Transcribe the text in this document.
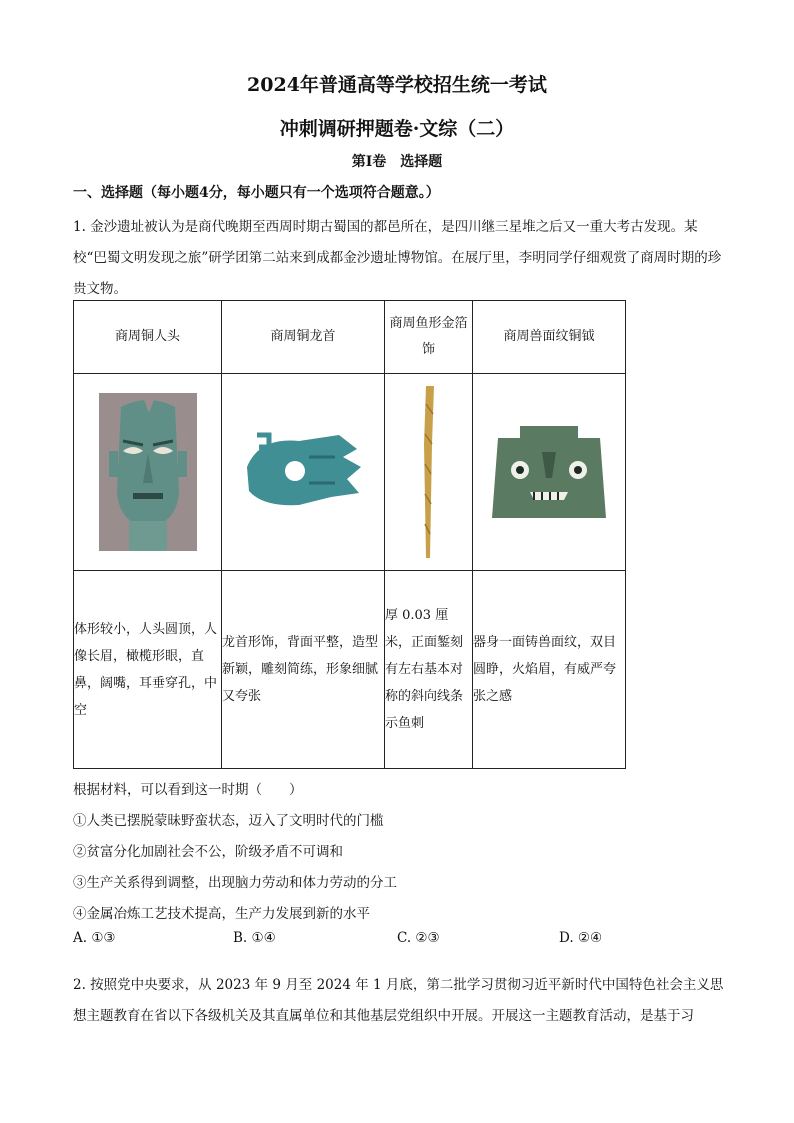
2024年普通高等学校招生统一考试
冲刺调研押题卷·文综（二）
第Ⅰ卷　选择题
一、选择题（每小题4分，每小题只有一个选项符合题意。）
1. 金沙遗址被认为是商代晚期至西周时期古蜀国的都邑所在，是四川继三星堆之后又一重大考古发现。某校“巴蜀文明发现之旅”研学团第二站来到成都金沙遗址博物馆。在展厅里，李明同学仔细观赏了商周时期的珍贵文物。
商周铜人头	商周铜龙首	商周鱼形金箔饰	商周兽面纹铜钺

体形较小，人头圆顶，人像长眉，橄榄形眼，直鼻，阔嘴，耳垂穿孔，中空	龙首形饰，背面平整，造型新颖，雕刻简练，形象细腻又夸张	厚 0.03 厘米，正面錾刻有左右基本对称的斜向线条示鱼刺	器身一面铸兽面纹，双目圆睁，火焰眉，有威严夸张之感
根据材料，可以看到这一时期（　　）
①人类已摆脱蒙昧野蛮状态，迈入了文明时代的门槛
②贫富分化加剧社会不公，阶级矛盾不可调和
③生产关系得到调整，出现脑力劳动和体力劳动的分工
④金属冶炼工艺技术提高，生产力发展到新的水平
A. ①③	B. ①④	C. ②③	D. ②④
2. 按照党中央要求，从 2023 年 9 月至 2024 年 1 月底，第二批学习贯彻习近平新时代中国特色社会主义思想主题教育在省以下各级机关及其直属单位和其他基层党组织中开展。开展这一主题教育活动，是基于习
